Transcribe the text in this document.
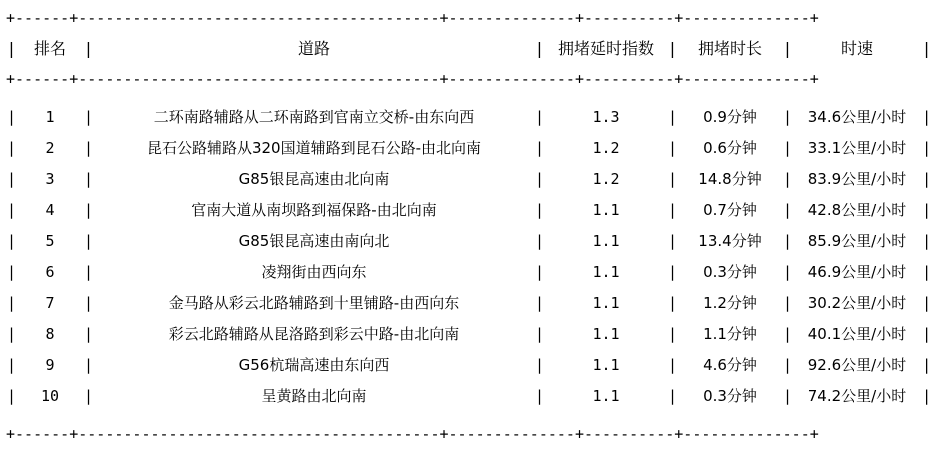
+------+----------------------------------------+--------------+----------+--------------+										

|	排名	|	道路	|	拥堵延时指数	|	拥堵时长	|	时速	|

+------+----------------------------------------+--------------+----------+--------------+										

|	1	|	二环南路辅路从二环南路到官南立交桥-由东向西	|	1.3	|	0.9分钟	|	34.6公里/小时	|
|	2	|	昆石公路辅路从320国道辅路到昆石公路-由北向南	|	1.2	|	0.6分钟	|	33.1公里/小时	|
|	3	|	G85银昆高速由北向南	|	1.2	|	14.8分钟	|	83.9公里/小时	|
|	4	|	官南大道从南坝路到福保路-由北向南	|	1.1	|	0.7分钟	|	42.8公里/小时	|
|	5	|	G85银昆高速由南向北	|	1.1	|	13.4分钟	|	85.9公里/小时	|
|	6	|	凌翔街由西向东	|	1.1	|	0.3分钟	|	46.9公里/小时	|
|	7	|	金马路从彩云北路辅路到十里铺路-由西向东	|	1.1	|	1.2分钟	|	30.2公里/小时	|
|	8	|	彩云北路辅路从昆洛路到彩云中路-由北向南	|	1.1	|	1.1分钟	|	40.1公里/小时	|
|	9	|	G56杭瑞高速由东向西	|	1.1	|	4.6分钟	|	92.6公里/小时	|
|	10	|	呈黄路由北向南	|	1.1	|	0.3分钟	|	74.2公里/小时	|

+------+----------------------------------------+--------------+----------+--------------+										
